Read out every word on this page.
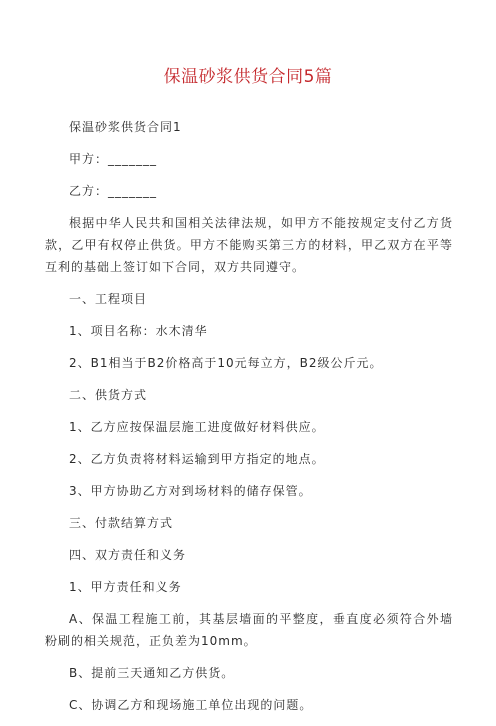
保温砂浆供货合同5篇

保温砂浆供货合同1

甲方：_______

乙方：_______

根据中华人民共和国相关法律法规，如甲方不能按规定支付乙方货款，乙甲有权停止供货。甲方不能购买第三方的材料，甲乙双方在平等互利的基础上签订如下合同，双方共同遵守。

一、工程项目

1、项目名称：水木清华

2、B1相当于B2价格高于10元每立方，B2级公斤元。

二、供货方式

1、乙方应按保温层施工进度做好材料供应。

2、乙方负责将材料运输到甲方指定的地点。

3、甲方协助乙方对到场材料的储存保管。

三、付款结算方式

四、双方责任和义务

1、甲方责任和义务

A、保温工程施工前，其基层墙面的平整度，垂直度必须符合外墙粉刷的相关规范，正负差为10mm。

B、提前三天通知乙方供货。

C、协调乙方和现场施工单位出现的问题。
